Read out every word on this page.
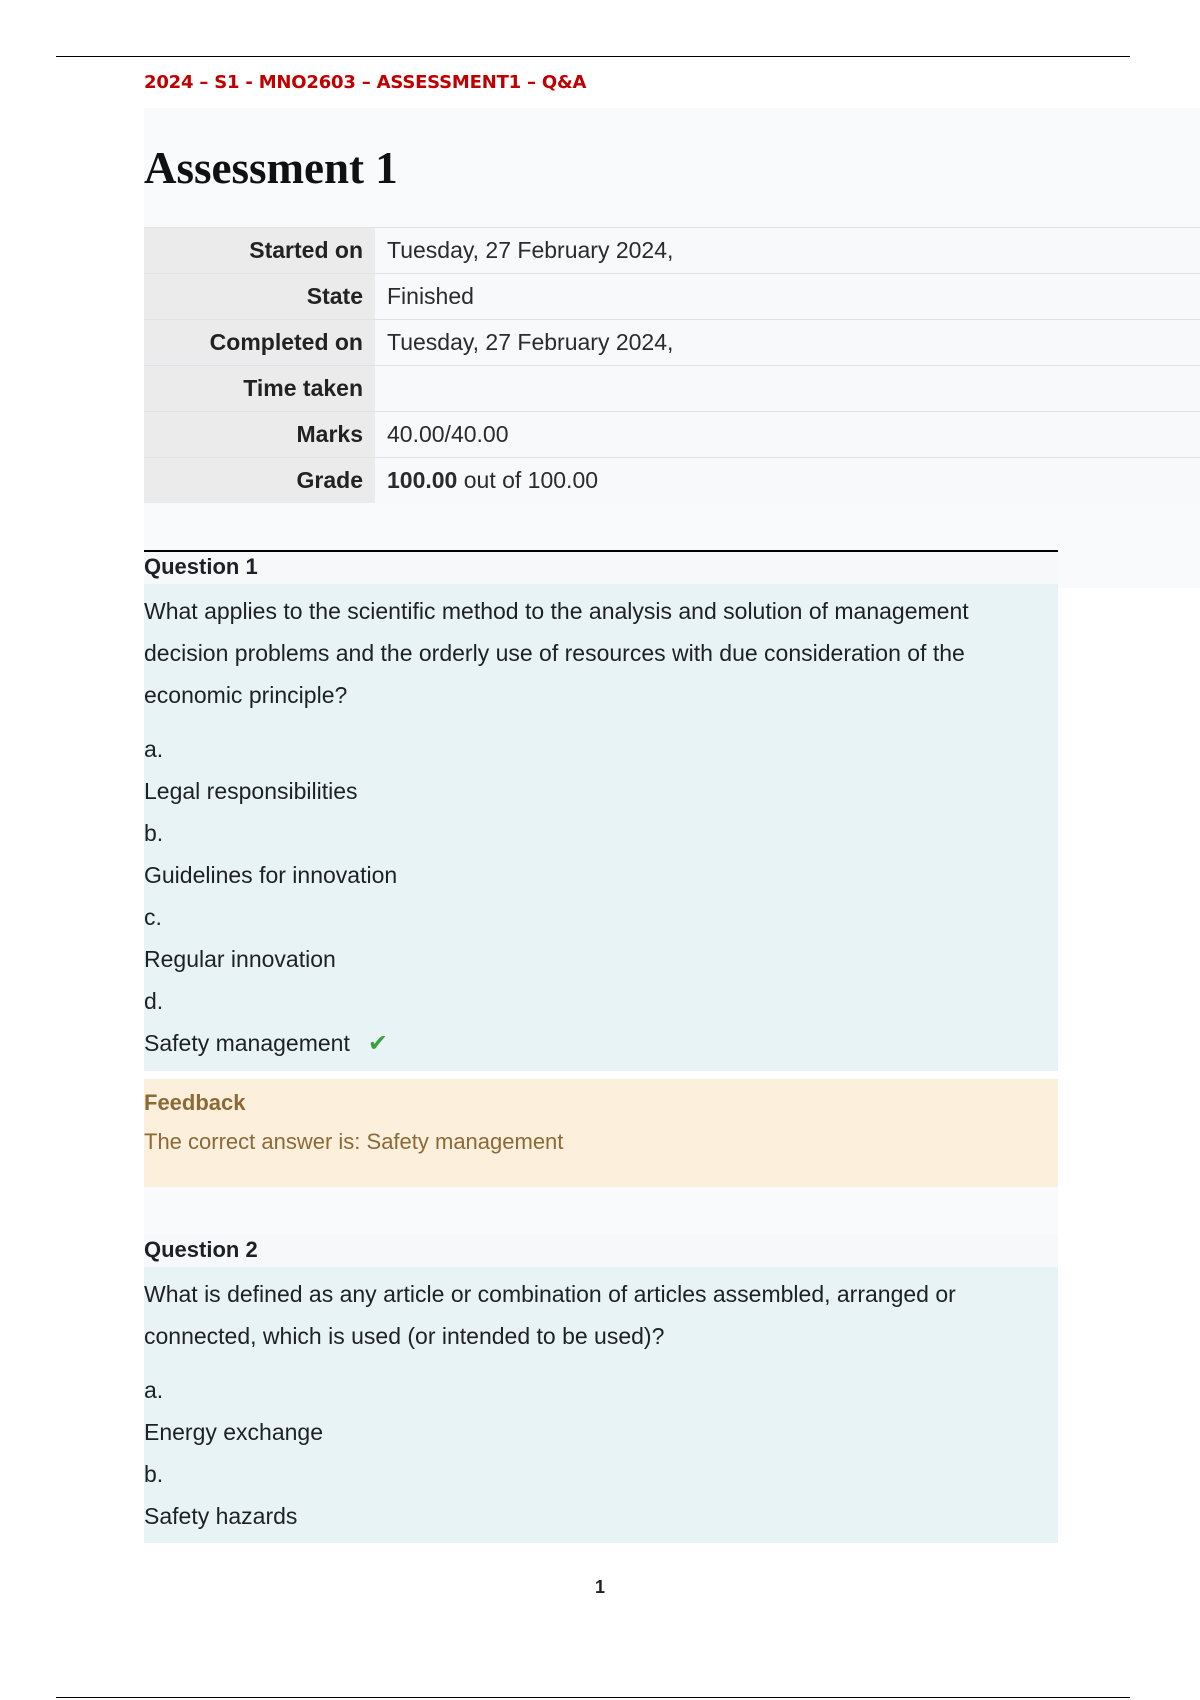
2024 – S1 - MNO2603 – ASSESSMENT1 – Q&A
Assessment 1
Started on	Tuesday, 27 February 2024,
State	Finished
Completed on	Tuesday, 27 February 2024,
Time taken	
Marks	40.00/40.00
Grade	100.00 out of 100.00
Question 1

What applies to the scientific method to the analysis and solution of management decision problems and the orderly use of resources with due consideration of the economic principle?

a.
Legal responsibilities
b.
Guidelines for innovation
c.
Regular innovation
d.
Safety management ✔
Feedback
The correct answer is: Safety management
Question 2

What is defined as any article or combination of articles assembled, arranged or connected, which is used (or intended to be used)?

a.
Energy exchange
b.
Safety hazards
1
